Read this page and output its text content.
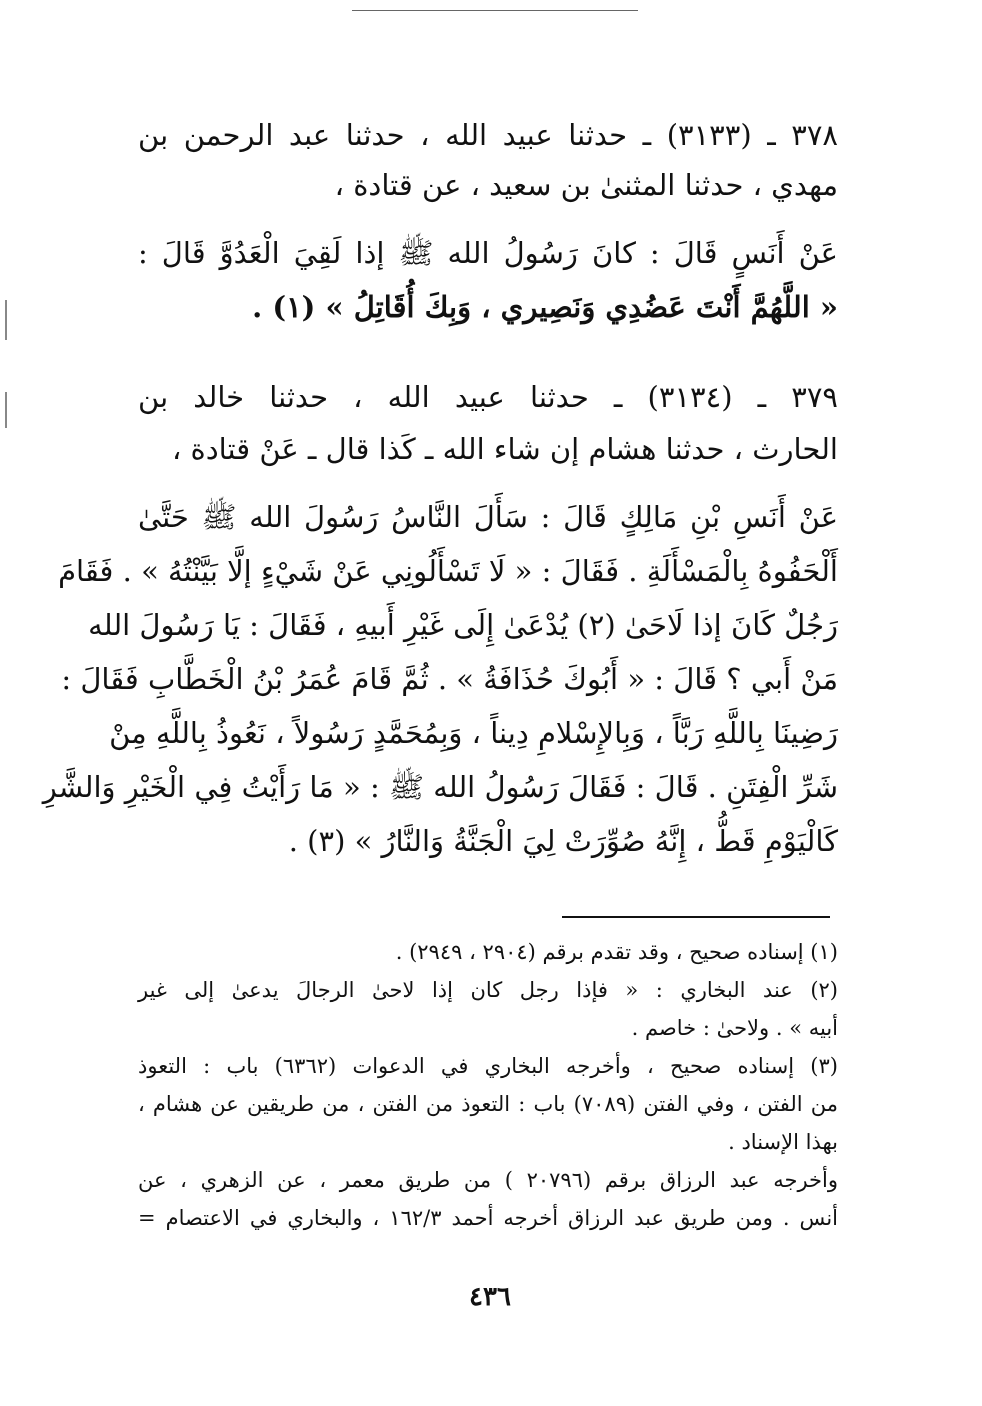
٣٧٨ ـ (٣١٣٣) ـ حدثنا عبيد الله ، حدثنا عبد الرحمن بن
مهدي ، حدثنا المثنىٰ بن سعيد ، عن قتادة ،
عَنْ أَنَسٍ قَالَ : كانَ رَسُولُ الله ﷺ إذا لَقِيَ الْعَدُوَّ قَالَ :
« اللَّهُمَّ أَنْتَ عَضُدِي وَنَصِيري ، وَبِكَ أُقَاتِلُ » (١) .
٣٧٩ ـ (٣١٣٤) ـ حدثنا عبيد الله ، حدثنا خالد بن
الحارث ، حدثنا هشام إن شاء الله ـ كَذا قال ـ عَنْ قتادة ،
عَنْ أَنَسِ بْنِ مَالِكٍ قَالَ : سَأَلَ النَّاسُ رَسُولَ الله ﷺ حَتَّىٰ
أَلْحَفُوهُ بِالْمَسْأَلَةِ . فَقَالَ : « لَا تَسْأَلُونِي عَنْ شَيْءٍ إلَّا بَيَّنْتُهُ » . فَقَامَ
رَجُلٌ كَانَ إذا لَاحَىٰ (٢) يُدْعَىٰ إِلَى غَيْرِ أَبيهِ ، فَقَالَ : يَا رَسُولَ الله
مَنْ أَبي ؟ قَالَ : « أَبُوكَ حُذَافَةُ » . ثُمَّ قَامَ عُمَرُ بْنُ الْخَطَّابِ فَقَالَ :
رَضِينَا بِاللَّهِ رَبَّاً ، وَبِالإِسْلامِ دِيناً ، وَبِمُحَمَّدٍ رَسُولاً ، نَعُوذُ بِاللَّهِ مِنْ
شَرِّ الْفِتَنِ . قَالَ : فَقَالَ رَسُولُ الله ﷺ : « مَا رَأَيْتُ فِي الْخَيْرِ وَالشَّرِ
كَالْيَوْمِ قَطُّ ، إِنَّهُ صُوِّرَتْ لِيَ الْجَنَّةُ وَالنَّارُ » (٣) .
(١) إسناده صحيح ، وقد تقدم برقم (٢٩٠٤ ، ٢٩٤٩) .
(٢) عند البخاري : « فإذا رجل كان إذا لاحىٰ الرجالَ يدعىٰ إلى غير
أبيه » . ولاحىٰ : خاصم .
(٣) إسناده صحيح ، وأخرجه البخاري في الدعوات (٦٣٦٢) باب : التعوذ
من الفتن ، وفي الفتن (٧٠٨٩) باب : التعوذ من الفتن ، من طريقين عن هشام ،
بهذا الإسناد .
وأخرجه عبد الرزاق برقم (٢٠٧٩٦ ) من طريق معمر ، عن الزهري ، عن
أنس . ومن طريق عبد الرزاق أخرجه أحمد ١٦٢/٣ ، والبخاري في الاعتصام =
٤٣٦
